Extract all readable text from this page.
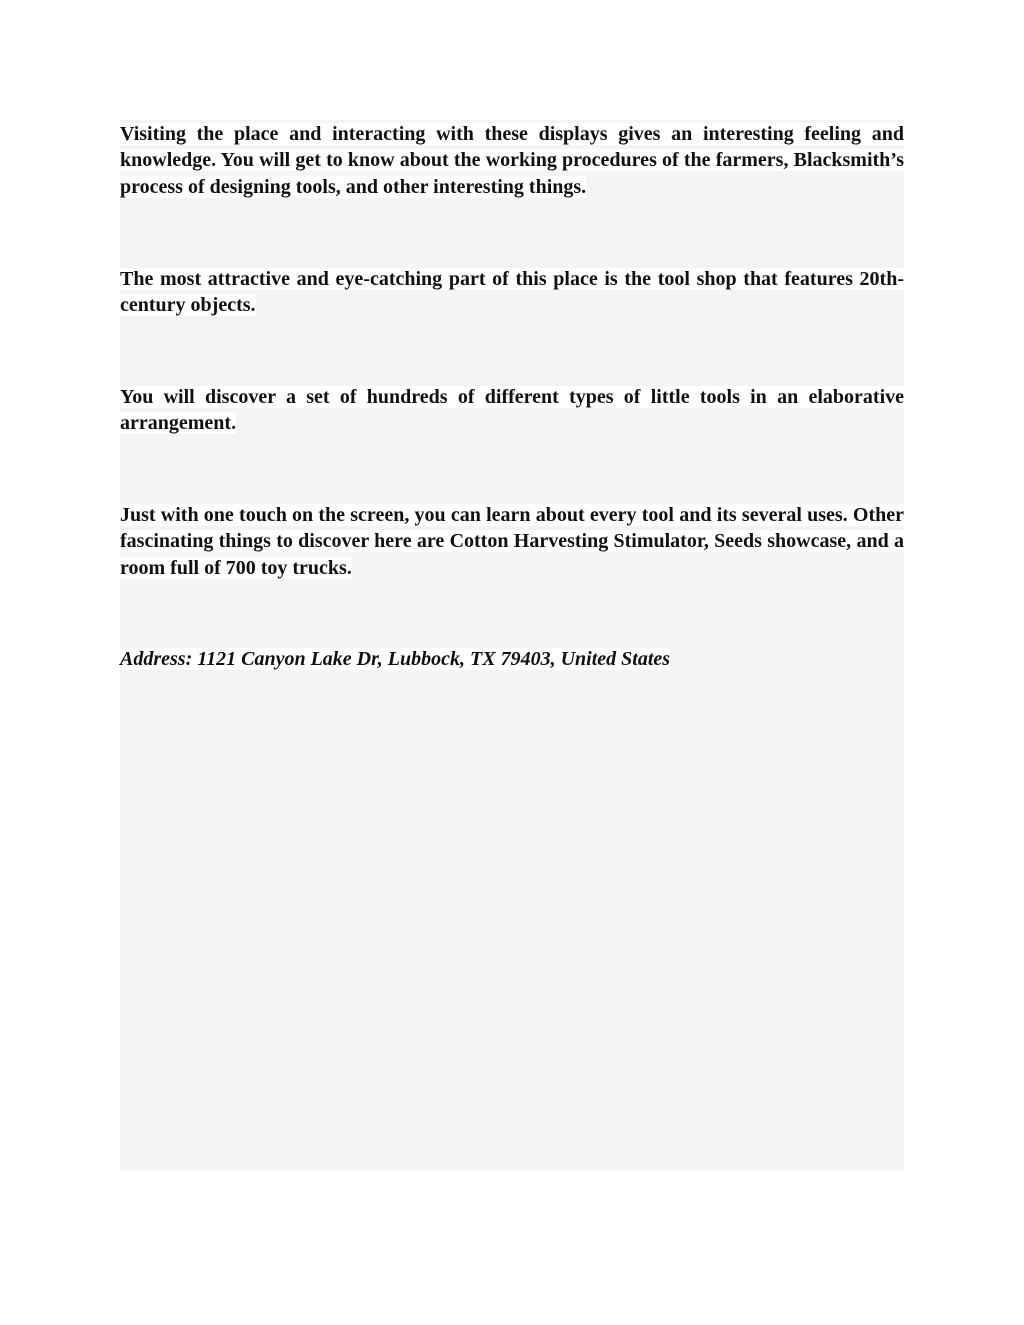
Visiting the place and interacting with these displays gives an interesting feeling and knowledge. You will get to know about the working procedures of the farmers, Blacksmith’s process of designing tools, and other interesting things.

The most attractive and eye-catching part of this place is the tool shop that features 20th-century objects.

You will discover a set of hundreds of different types of little tools in an elaborative arrangement.

Just with one touch on the screen, you can learn about every tool and its several uses. Other fascinating things to discover here are Cotton Harvesting Stimulator, Seeds showcase, and a room full of 700 toy trucks.

Address: 1121 Canyon Lake Dr, Lubbock, TX 79403, United States
